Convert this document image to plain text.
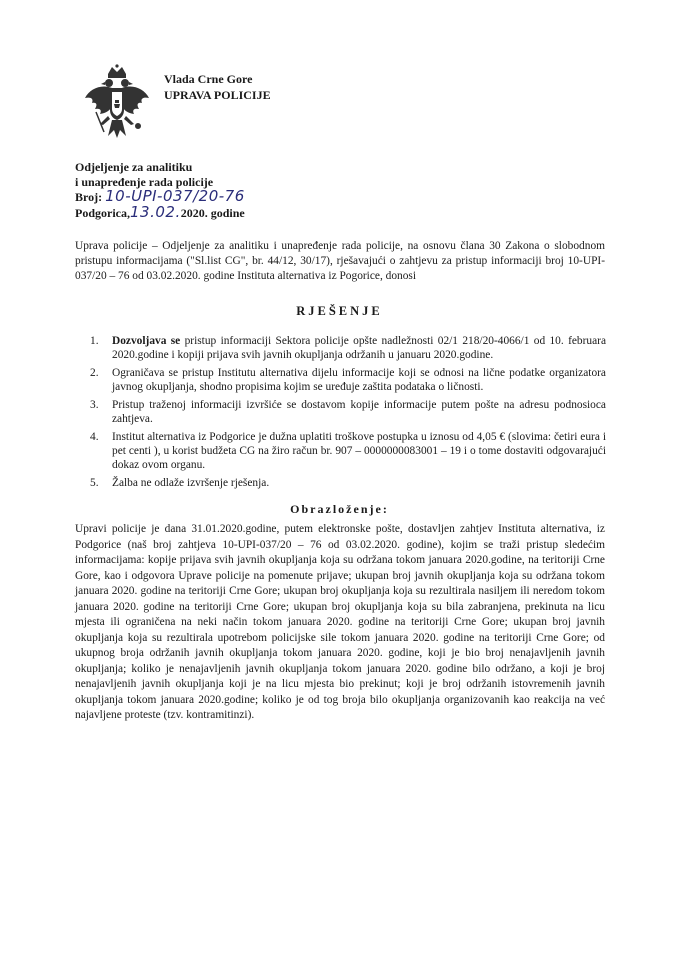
Vlada Crne Gore
UPRAVA POLICIJE
Odjeljenje za analitiku
i unapređenje rada policije
Broj: 10-UPI-037/20-76
Podgorica,13.02.2020. godine
Uprava policije – Odjeljenje za analitiku i unapređenje rada policije, na osnovu člana 30 Zakona o slobodnom pristupu informacijama ("Sl.list CG", br. 44/12, 30/17), rješavajući o zahtjevu za pristup informaciji broj 10-UPI-037/20 – 76 od 03.02.2020. godine Instituta alternativa iz Pogorice, donosi
RJEŠENJE
1. Dozvoljava se pristup informaciji Sektora policije opšte nadležnosti 02/1 218/20-4066/1 od 10. februara 2020.godine i kopiji prijava svih javnih okupljanja održanih u januaru 2020.godine.
2. Ograničava se pristup Institutu alternativa dijelu informacije koji se odnosi na lične podatke organizatora javnog okupljanja, shodno propisima kojim se uređuje zaštita podataka o ličnosti.
3. Pristup traženoj informaciji izvršiće se dostavom kopije informacije putem pošte na adresu podnosioca zahtjeva.
4. Institut alternativa iz Podgorice je dužna uplatiti troškove postupka u iznosu od 4,05 € (slovima: četiri eura i pet centi ), u korist budžeta CG na žiro račun br. 907 – 0000000083001 – 19 i o tome dostaviti odgovarajući dokaz ovom organu.
5. Žalba ne odlaže izvršenje rješenja.
Obrazloženje:
Upravi policije je dana 31.01.2020.godine, putem elektronske pošte, dostavljen zahtjev Instituta alternativa, iz Podgorice (naš broj zahtjeva 10-UPI-037/20 – 76 od 03.02.2020. godine), kojim se traži pristup sledećim informacijama: kopije prijava svih javnih okupljanja koja su održana tokom januara 2020.godine, na teritoriji Crne Gore, kao i odgovora Uprave policije na pomenute prijave; ukupan broj javnih okupljanja koja su održana tokom januara 2020. godine na teritoriji Crne Gore; ukupan broj okupljanja koja su rezultirala nasiljem ili neredom tokom januara 2020. godine na teritoriji Crne Gore; ukupan broj okupljanja koja su bila zabranjena, prekinuta na licu mjesta ili ograničena na neki način tokom januara 2020. godine na teritoriji Crne Gore; ukupan broj javnih okupljanja koja su rezultirala upotrebom policijske sile tokom januara 2020. godine na teritoriji Crne Gore; od ukupnog broja održanih javnih okupljanja tokom januara 2020. godine, koji je bio broj nenajavljenih javnih okupljanja; koliko je nenajavljenih javnih okupljanja tokom januara 2020. godine bilo održano, a koji je broj nenajavljenih javnih okupljanja koji je na licu mjesta bio prekinut; koji je broj održanih istovremenih javnih okupljanja tokom januara 2020.godine; koliko je od tog broja bilo okupljanja organizovanih kao reakcija na već najavljene proteste (tzv. kontramitinzi).
